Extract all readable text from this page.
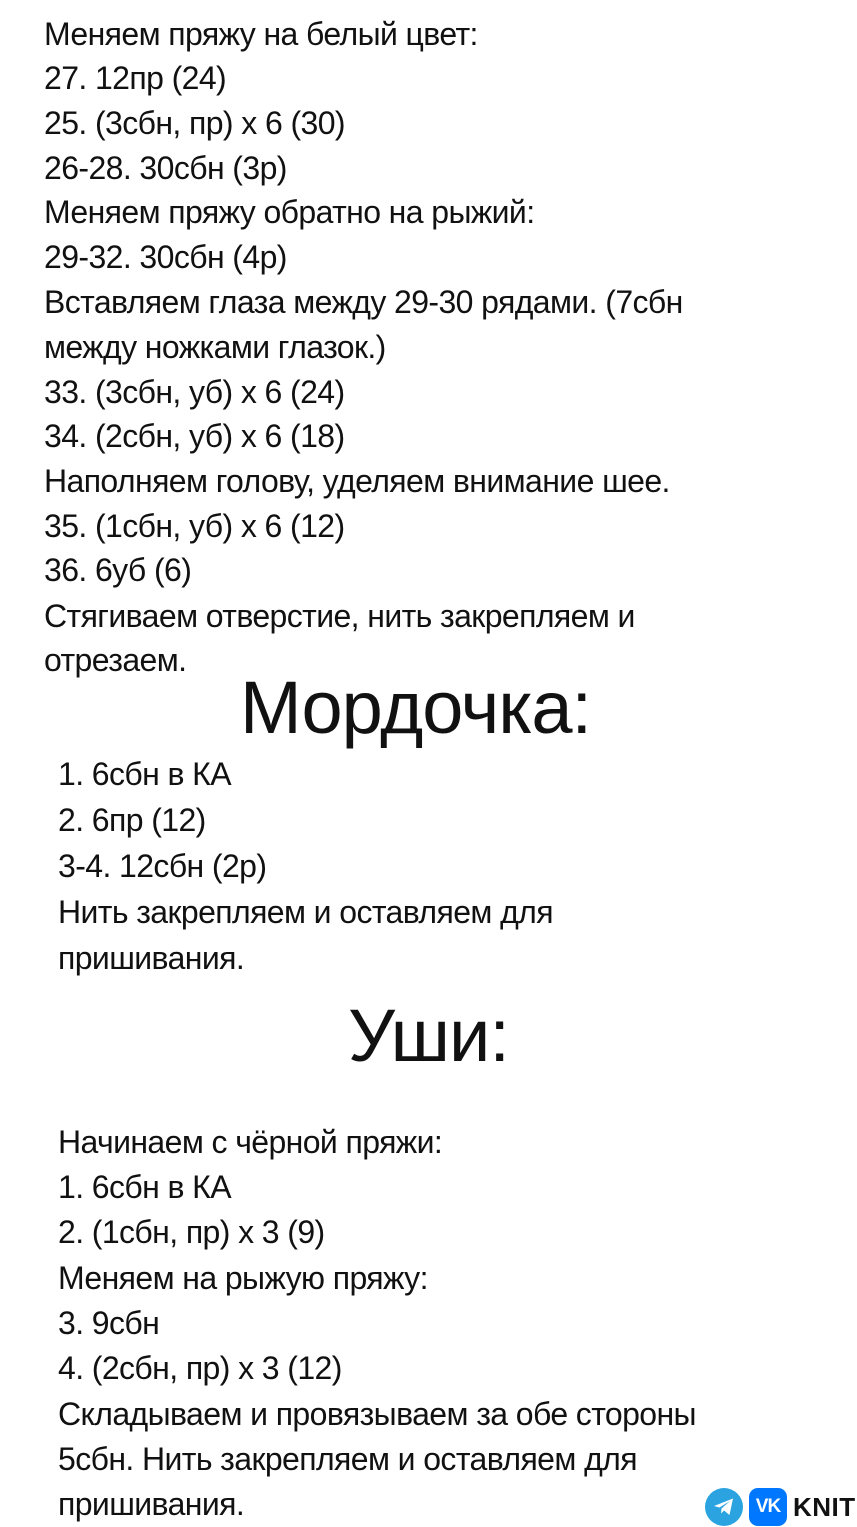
Меняем пряжу на белый цвет:
27. 12пр (24)
25. (3сбн, пр) х 6 (30)
26-28. 30сбн (3р)
Меняем пряжу обратно на рыжий:
29-32. 30сбн (4р)
Вставляем глаза между 29-30 рядами. (7сбн
между ножками глазок.)
33. (3сбн, уб) х 6 (24)
34. (2сбн, уб) х 6 (18)
Наполняем голову, уделяем внимание шее.
35. (1сбн, уб) х 6 (12)
36. 6уб (6)
Стягиваем отверстие, нить закрепляем и
отрезаем.
Мордочка:
1. 6сбн в КА
2. 6пр (12)
3-4. 12сбн (2р)
Нить закрепляем и оставляем для
пришивания.
Уши:
Начинаем с чёрной пряжи:
1. 6сбн в КА
2. (1сбн, пр) х 3 (9)
Меняем на рыжую пряжу:
3. 9сбн
4. (2сбн, пр) х 3 (12)
Складываем и провязываем за обе стороны
5сбн. Нить закрепляем и оставляем для
пришивания.	VK KNIT
